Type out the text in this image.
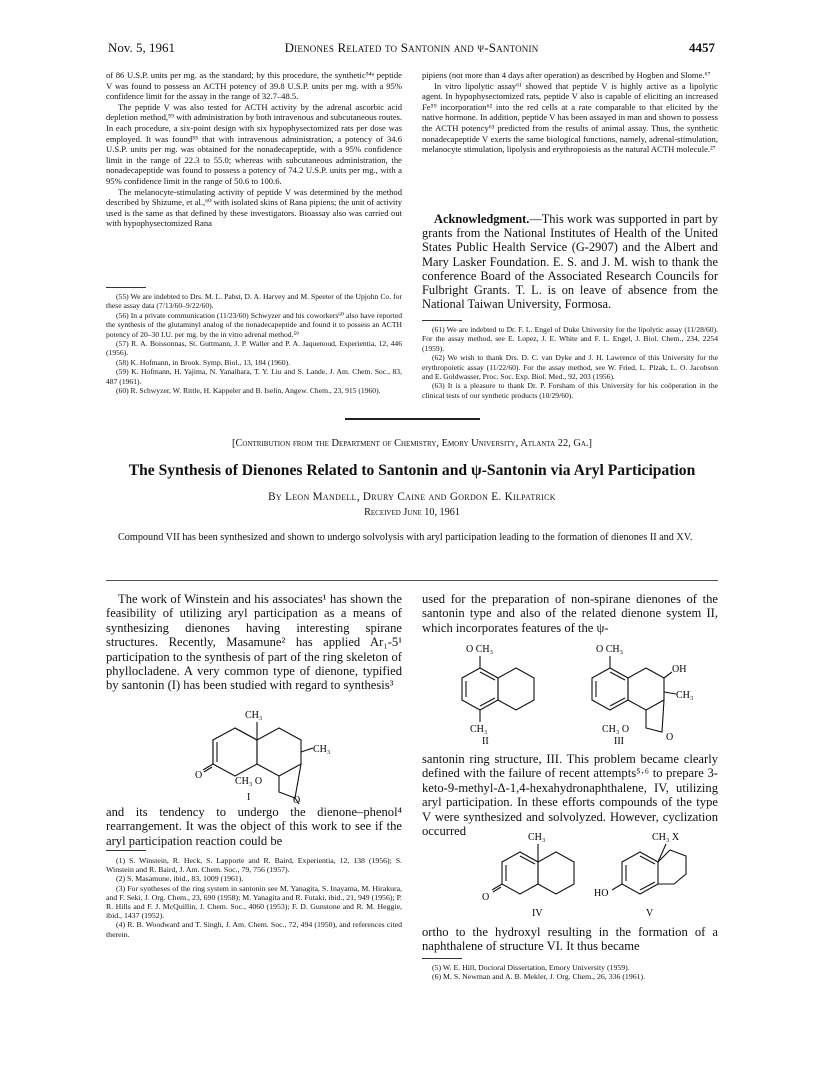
Nov. 5, 1961	Dienones Related to Santonin and ψ-Santonin	4457
of 86 U.S.P. units per mg. as the standard; by this procedure, the synthetic⁵⁴ᵃ peptide V was found to possess an ACTH potency of 39.8 U.S.P. units per mg. with a 95% confidence limit for the assay in the range of 32.7–48.5.

The peptide V was also tested for ACTH activity by the adrenal ascorbic acid depletion method,⁵⁹ with administration by both intravenous and subcutaneous routes. In each procedure, a six-point design with six hypophysectomized rats per dose was employed. It was found⁵⁵ that with intravenous administration, a potency of 34.6 U.S.P. units per mg. was obtained for the nonadecapeptide, with a 95% confidence limit in the range of 22.3 to 55.0; whereas with subcutaneous administration, the nonadecapeptide was found to possess a potency of 74.2 U.S.P. units per mg., with a 95% confidence limit in the range of 50.6 to 100.6.

The melanocyte-stimulating activity of peptide V was determined by the method described by Shizume, et al.,⁶⁰ with isolated skins of Rana pipiens; the unit of activity used is the same as that defined by these investigators. Bioassay also was carried out with hypophysectomized Rana

(55) We are indebted to Drs. M. L. Pabst, D. A. Harvey and M. Speeter of the Upjohn Co. for these assay data (7/13/60–9/22/60).

(56) In a private communication (11/23/60) Schwyzer and his coworkers⁶⁰ also have reported the synthesis of the glutaminyl analog of the nonadecapeptide and found it to possess an ACTH potency of 20–30 I.U. per mg. by the in vitro adrenal method.⁵⁹

(57) R. A. Boissonnas, St. Guttmann, J. P. Waller and P. A. Jaquenoud, Experientia, 12, 446 (1956).

(58) K. Hofmann, in Brook. Symp. Biol., 13, 184 (1960).

(59) K. Hofmann, H. Yajima, N. Yanaihara, T. Y. Liu and S. Lande, J. Am. Chem. Soc., 83, 487 (1961).

(60) R. Schwyzer, W. Rittle, H. Kappeler and B. Iselin, Angew. Chem., 23, 915 (1960).

pipiens (not more than 4 days after operation) as described by Hogben and Slome.⁶⁷

In vitro lipolytic assay⁶¹ showed that peptide V is highly active as a lipolytic agent. In hypophysectomized rats, peptide V also is capable of eliciting an increased Fe⁵⁹ incorporation⁶² into the red cells at a rate comparable to that elicited by the native hormone. In addition, peptide V has been assayed in man and shown to possess the ACTH potency⁶³ predicted from the results of animal assay. Thus, the synthetic nonadecapeptide V exerts the same biological functions, namely, adrenal-stimulation, melanocyte stimulation, lipolysis and erythropoiesis as the natural ACTH molecule.²⁷

Acknowledgment.—This work was supported in part by grants from the National Institutes of Health of the United States Public Health Service (G-2907) and the Albert and Mary Lasker Foundation. E. S. and J. M. wish to thank the conference Board of the Associated Research Councils for Fulbright Grants. T. L. is on leave of absence from the National Taiwan University, Formosa.

(61) We are indebted to Dr. F. L. Engel of Duke University for the lipolytic assay (11/28/60). For the assay method, see E. Lopez, J. E. White and F. L. Engel, J. Biol. Chem., 234, 2254 (1959).

(62) We wish to thank Drs. D. C. van Dyke and J. H. Lawrence of this University for the erythropoietic assay (11/22/60). For the assay method, see W. Fried, L. Plzak, L. O. Jacobson and E. Goldwasser, Proc. Soc. Exp. Biol. Med., 92, 203 (1956).

(63) It is a pleasure to thank Dr. P. Forsham of this University for his coöperation in the clinical tests of our synthetic products (10/29/60).

[Contribution from the Department of Chemistry, Emory University, Atlanta 22, Ga.]
The Synthesis of Dienones Related to Santonin and ψ-Santonin via Aryl Participation
By Leon Mandell, Drury Caine and Gordon E. Kilpatrick
Received June 10, 1961

Compound VII has been synthesized and shown to undergo solvolysis with aryl participation leading to the formation of dienones II and XV.

The work of Winstein and his associates¹ has shown the feasibility of utilizing aryl participation as a means of synthesizing dienones having interesting spirane structures. Recently, Masamune² has applied Ar₁-5¹ participation to the synthesis of part of the ring skeleton of phyllocladene. A very common type of dienone, typified by santonin (I) has been studied with regard to synthesis³

CH₃
CH₃
CH₃ O
O
O
I
and its tendency to undergo the dienone–phenol⁴ rearrangement. It was the object of this work to see if the aryl participation reaction could be

(1) S. Winstein, R. Heck, S. Lapporte and R. Baird, Experientia, 12, 138 (1956); S. Winstein and R. Baird, J. Am. Chem. Soc., 79, 756 (1957).

(2) S. Masamune, ibid., 83, 1009 (1961).

(3) For syntheses of the ring system in santonin see M. Yanagita, S. Inayama, M. Hirakura, and F. Seki, J. Org. Chem., 23, 690 (1958); M. Yanagita and R. Futaki, ibid., 21, 949 (1956); P. R. Hills and F. J. McQuillin, J. Chem. Soc., 4060 (1953); F. D. Gunstone and R. M. Heggie, ibid., 1437 (1952).

(4) R. B. Woodward and T. Singh, J. Am. Chem. Soc., 72, 494 (1950), and references cited therein.

used for the preparation of non-spirane dienones of the santonin type and also of the related dienone system II, which incorporates features of the ψ-
O CH₃
CH₃
II
O CH₃
OH
CH₃
CH₃ O
O
III
santonin ring structure, III. This problem became clearly defined with the failure of recent attempts⁵·⁶ to prepare 3-keto-9-methyl-Δ-1,4-hexahydronaphthalene, IV, utilizing aryl participation. In these efforts compounds of the type V were synthesized and solvolyzed. However, cyclization occurred	CH₃
O
IV
CH₃ X
HO
V
ortho to the hydroxyl resulting in the formation of a naphthalene of structure VI. It thus became

(5) W. E. Hill, Doctoral Dissertation, Emory University (1959).

(6) M. S. Newman and A. B. Mekler, J. Org. Chem., 26, 336 (1961).
